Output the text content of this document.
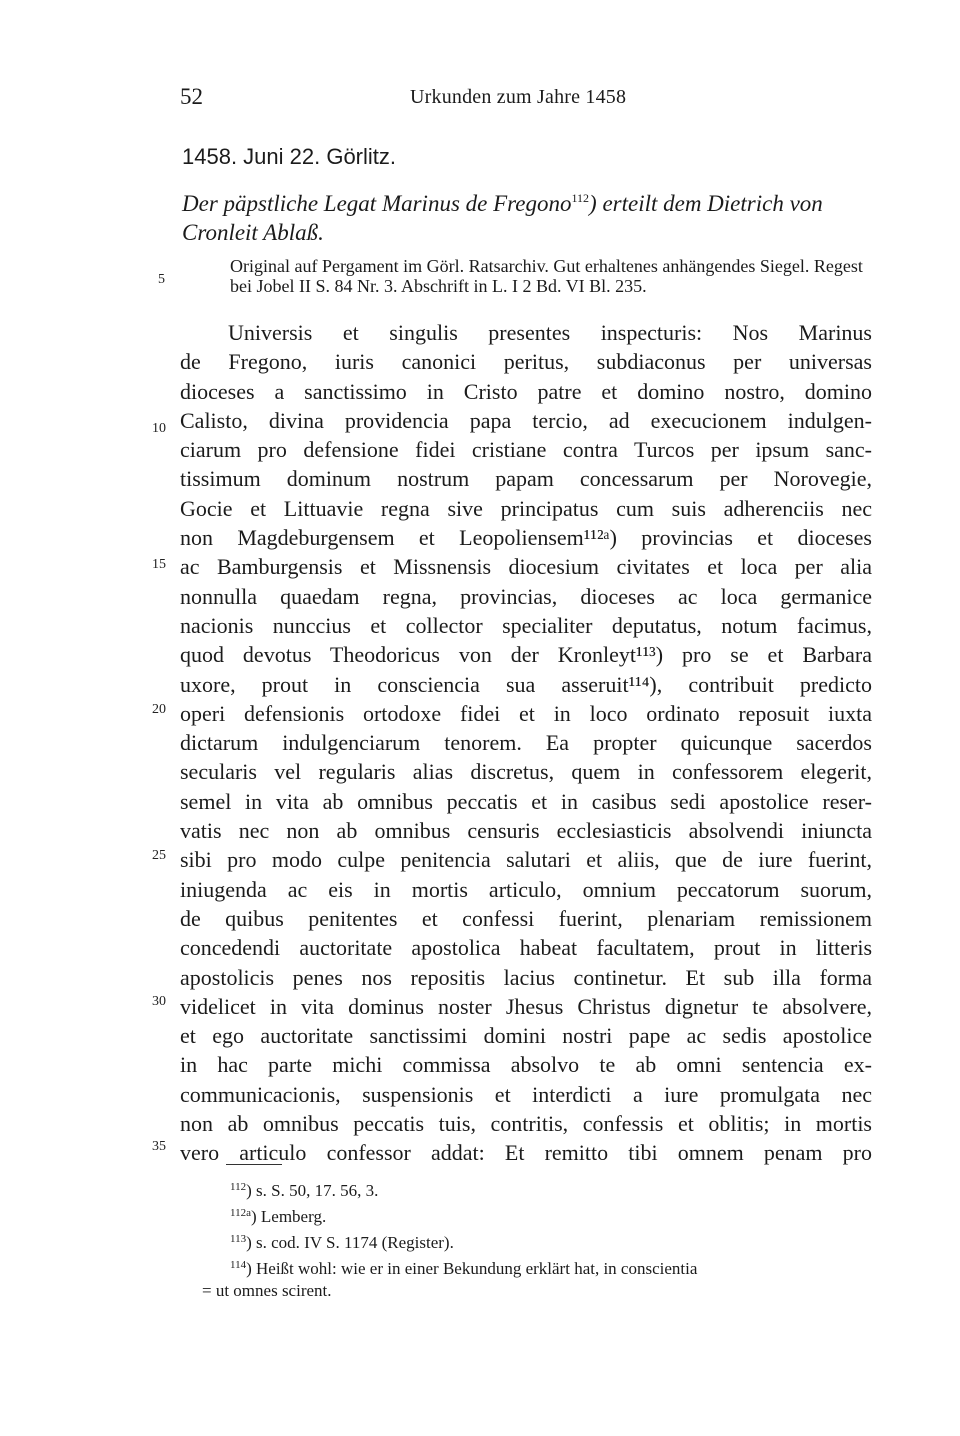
52	Urkunden zum Jahre 1458
1458. Juni 22. Görlitz.
Der päpstliche Legat Marinus de Fregono$^{112}$) erteilt dem Dietrich von Cronleit Ablaß.
Original auf Pergament im Görl. Ratsarchiv. Gut erhaltenes anhängendes Siegel. Regest bei Jobel II S. 84 Nr. 3. Abschrift in L. I 2 Bd. VI Bl. 235.
5
10
15
20
25
30
35
Universis et singulis presentes inspecturis: Nos Marinus
de Fregono, iuris canonici peritus, subdiaconus per universas
dioceses a sanctissimo in Cristo patre et domino nostro, domino
Calisto, divina providencia papa tercio, ad execucionem indulgen-
ciarum pro defensione fidei cristiane contra Turcos per ipsum sanc-
tissimum dominum nostrum papam concessarum per Norovegie,
Gocie et Littuavie regna sive principatus cum suis adherenciis nec
non Magdeburgensem et Leopoliensem¹¹²ᵃ) provincias et dioceses
ac Bamburgensis et Missnensis diocesium civitates et loca per alia
nonnulla quaedam regna, provincias, dioceses ac loca germanice
nacionis nunccius et collector specialiter deputatus, notum facimus,
quod devotus Theodoricus von der Kronleyt¹¹³) pro se et Barbara
uxore, prout in consciencia sua asseruit¹¹⁴), contribuit predicto
operi defensionis ortodoxe fidei et in loco ordinato reposuit iuxta
dictarum indulgenciarum tenorem. Ea propter quicunque sacerdos
secularis vel regularis alias discretus, quem in confessorem elegerit,
semel in vita ab omnibus peccatis et in casibus sedi apostolice reser-
vatis nec non ab omnibus censuris ecclesiasticis absolvendi iniuncta
sibi pro modo culpe penitencia salutari et aliis, que de iure fuerint,
iniugenda ac eis in mortis articulo, omnium peccatorum suorum,
de quibus penitentes et confessi fuerint, plenariam remissionem
concedendi auctoritate apostolica habeat facultatem, prout in litteris
apostolicis penes nos repositis lacius continetur. Et sub illa forma
videlicet in vita dominus noster Jhesus Christus dignetur te absolvere,
et ego auctoritate sanctissimi domini nostri pape ac sedis apostolice
in hac parte michi commissa absolvo te ab omni sentencia ex-
communicacionis, suspensionis et interdicti a iure promulgata nec
non ab omnibus peccatis tuis, contritis, confessis et oblitis; in mortis
vero articulo confessor addat: Et remitto tibi omnem penam pro
$^{112}$) s. S. 50, 17. 56, 3.
$^{112a}$) Lemberg.
$^{113}$) s. cod. IV S. 1174 (Register).
$^{114}$) Heißt wohl: wie er in einer Bekundung erklärt hat, in conscientia
= ut omnes scirent.
